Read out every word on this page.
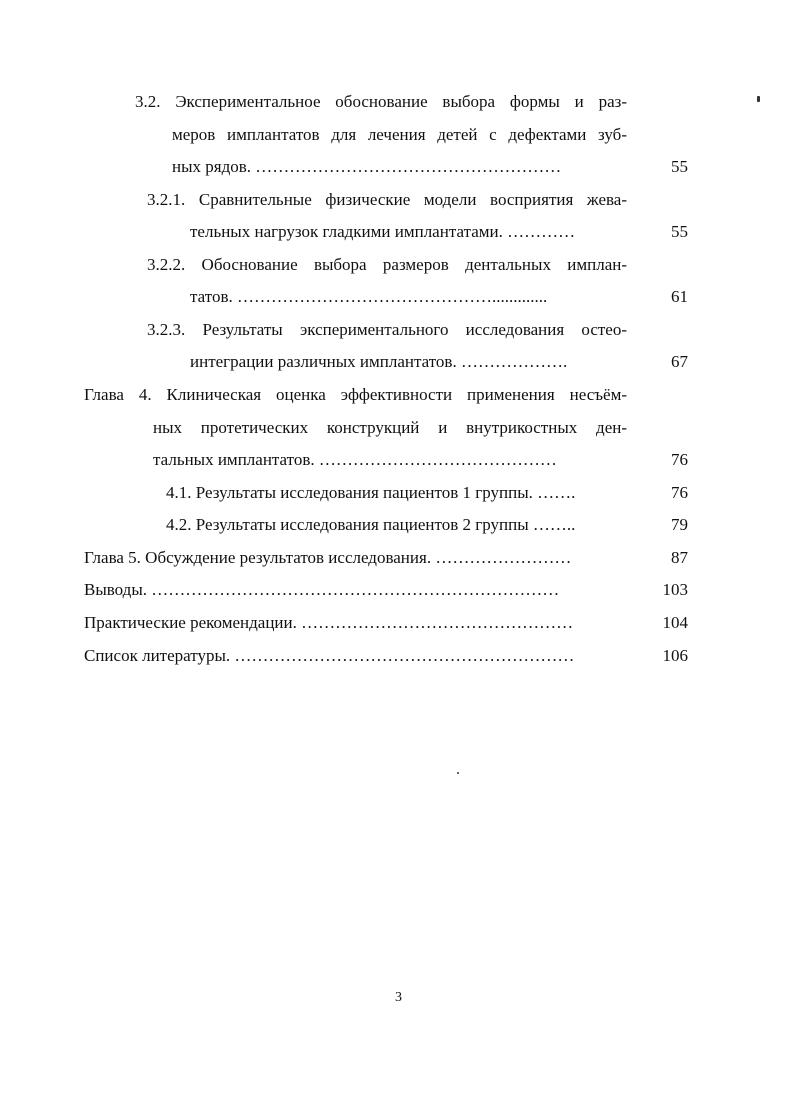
3.2. Экспериментальное обоснование выбора формы и раз-
меров имплантатов для лечения детей с дефектами зуб-
ных рядов. ………………………………………………	55
3.2.1. Сравнительные физические модели восприятия жева-
тельных нагрузок гладкими имплантатами. …………	55
3.2.2. Обоснование выбора размеров дентальных имплан-
татов. ……………………………………….............	61
3.2.3. Результаты экспериментального исследования остео-
интеграции различных имплантатов. ……………….	67
Глава 4. Клиническая оценка эффективности применения несъём-
ных протетических конструкций и внутрикостных ден-
тальных имплантатов. ……………………………………	76
4.1. Результаты исследования пациентов 1 группы. …….	76
4.2. Результаты исследования пациентов 2 группы ……..	79
Глава 5. Обсуждение результатов исследования. ……………………	87
Выводы. ………………………………………………………………	103
Практические рекомендации. …………………………………………	104
Список литературы. ……………………………………………………	106
3
